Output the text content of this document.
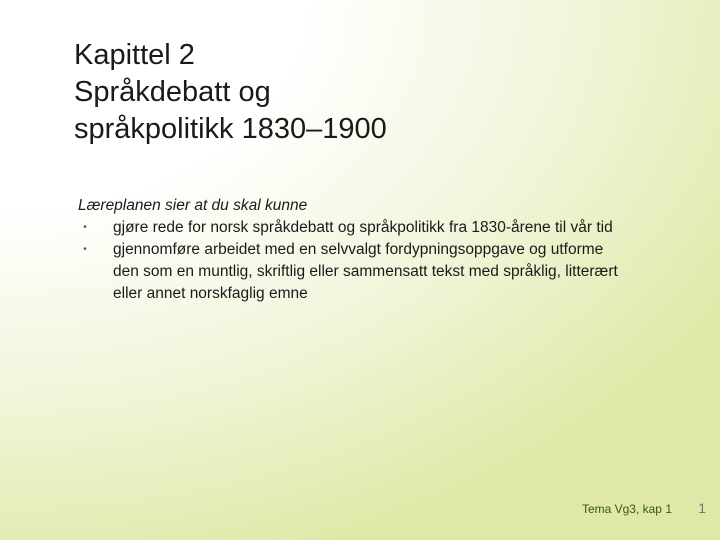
Kapittel 2
Språkdebatt og
språkpolitikk 1830–1900
Læreplanen sier at du skal kunne
•	gjøre rede for norsk språkdebatt og språkpolitikk fra 1830-årene til vår tid
•	gjennomføre arbeidet med en selvvalgt fordypningsoppgave og utforme den som en muntlig, skriftlig eller sammensatt tekst med språklig, litterært eller annet norskfaglig emne
Tema Vg3, kap 1 1
